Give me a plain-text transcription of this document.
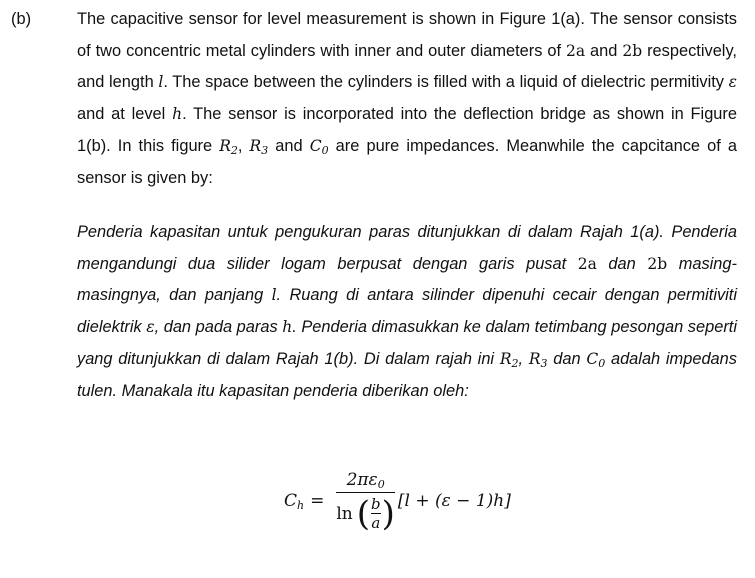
(b)	The capacitive sensor for level measurement is shown in Figure 1(a). The sensor consists of two concentric metal cylinders with inner and outer diameters of 2a and 2b respectively, and length l. The space between the cylinders is filled with a liquid of dielectric permitivity ε and at level h. The sensor is incorporated into the deflection bridge as shown in Figure 1(b). In this figure $R_2$, $R_3$ and $C_0$ are pure impedances. Meanwhile the capcitance of a sensor is given by:

Penderia kapasitan untuk pengukuran paras ditunjukkan di dalam Rajah 1(a). Penderia mengandungi dua silider logam berpusat dengan garis pusat 2a dan 2b masing-masingnya, dan panjang l. Ruang di antara silinder dipenuhi cecair dengan permitiviti dielektrik ε, dan pada paras h. Penderia dimasukkan ke dalam tetimbang pesongan seperti yang ditunjukkan di dalam Rajah 1(b). Di dalam rajah ini $R_2$, $R_3$ dan $C_0$ adalah impedans tulen. Manakala itu kapasitan penderia diberikan oleh:

$C_h$ =
$2\pi\varepsilon_0$
ln ( b
a ) [l + (ε − 1)h]
